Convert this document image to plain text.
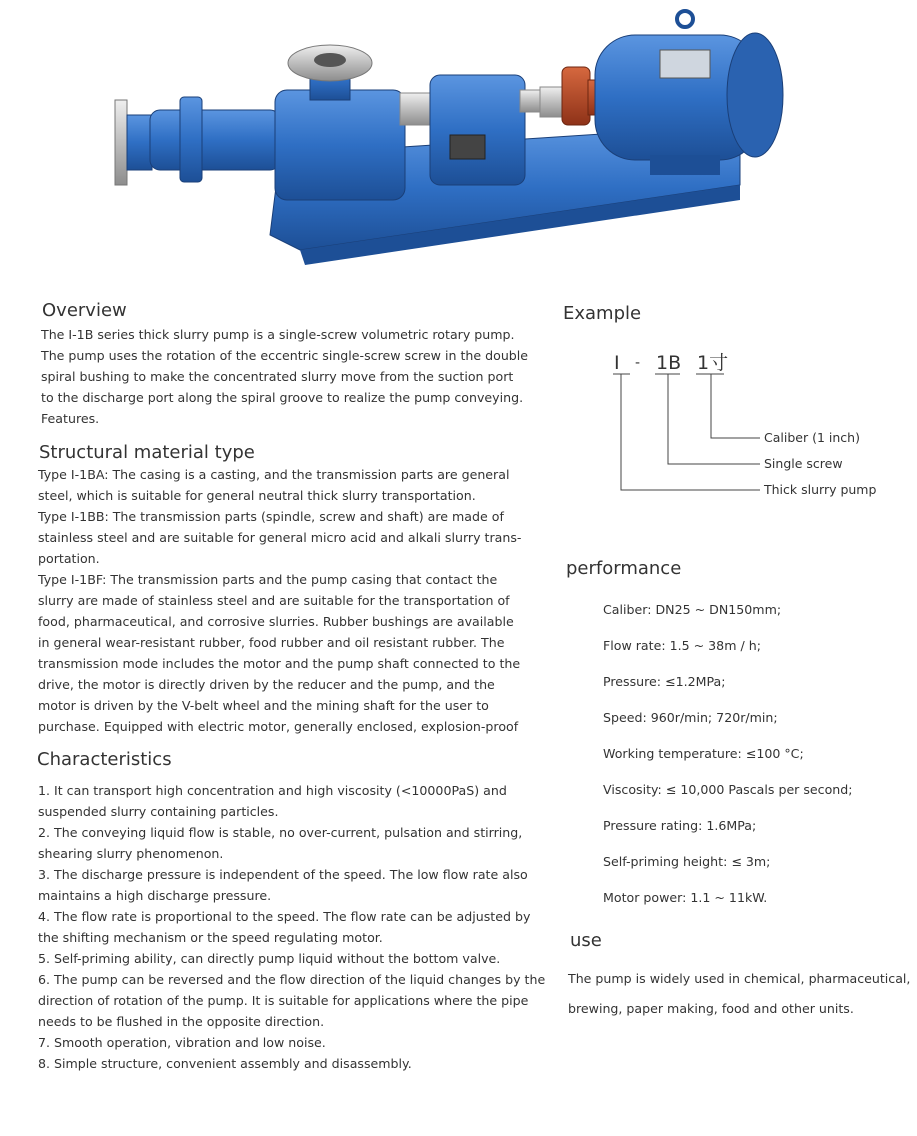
Overview
The I-1B series thick slurry pump is a single-screw volumetric rotary pump.
The pump uses the rotation of the eccentric single-screw screw in the double
spiral bushing to make the concentrated slurry move from the suction port
to the discharge port along the spiral groove to realize the pump conveying.
Features.
Structural material type
Type I-1BA: The casing is a casting, and the transmission parts are general
steel, which is suitable for general neutral thick slurry transportation.
Type I-1BB: The transmission parts (spindle, screw and shaft) are made of
stainless steel and are suitable for general micro acid and alkali slurry trans-
portation.
Type I-1BF: The transmission parts and the pump casing that contact the
slurry are made of stainless steel and are suitable for the transportation of
food, pharmaceutical, and corrosive slurries. Rubber bushings are available
in general wear-resistant rubber, food rubber and oil resistant rubber. The
transmission mode includes the motor and the pump shaft connected to the
drive, the motor is directly driven by the reducer and the pump, and the
motor is driven by the V-belt wheel and the mining shaft for the user to
purchase. Equipped with electric motor, generally enclosed, explosion-proof
Characteristics
1. It can transport high concentration and high viscosity (<10000PaS) and
suspended slurry containing particles.
2. The conveying liquid flow is stable, no over-current, pulsation and stirring,
shearing slurry phenomenon.
3. The discharge pressure is independent of the speed. The low flow rate also
maintains a high discharge pressure.
4. The flow rate is proportional to the speed. The flow rate can be adjusted by
the shifting mechanism or the speed regulating motor.
5. Self-priming ability, can directly pump liquid without the bottom valve.
6. The pump can be reversed and the flow direction of the liquid changes by the
direction of rotation of the pump. It is suitable for applications where the pipe
needs to be flushed in the opposite direction.
7. Smooth operation, vibration and low noise.
8. Simple structure, convenient assembly and disassembly.
Example
I - 1B 1寸
Caliber (1 inch)
Single screw
Thick slurry pump
performance
Caliber: DN25 ~ DN150mm;
Flow rate: 1.5 ~ 38m / h;
Pressure: ≤1.2MPa;
Speed: 960r/min; 720r/min;
Working temperature: ≤100 °C;
Viscosity: ≤ 10,000 Pascals per second;
Pressure rating: 1.6MPa;
Self-priming height: ≤ 3m;
Motor power: 1.1 ~ 11kW.
use
The pump is widely used in chemical, pharmaceutical,
brewing, paper making, food and other units.
